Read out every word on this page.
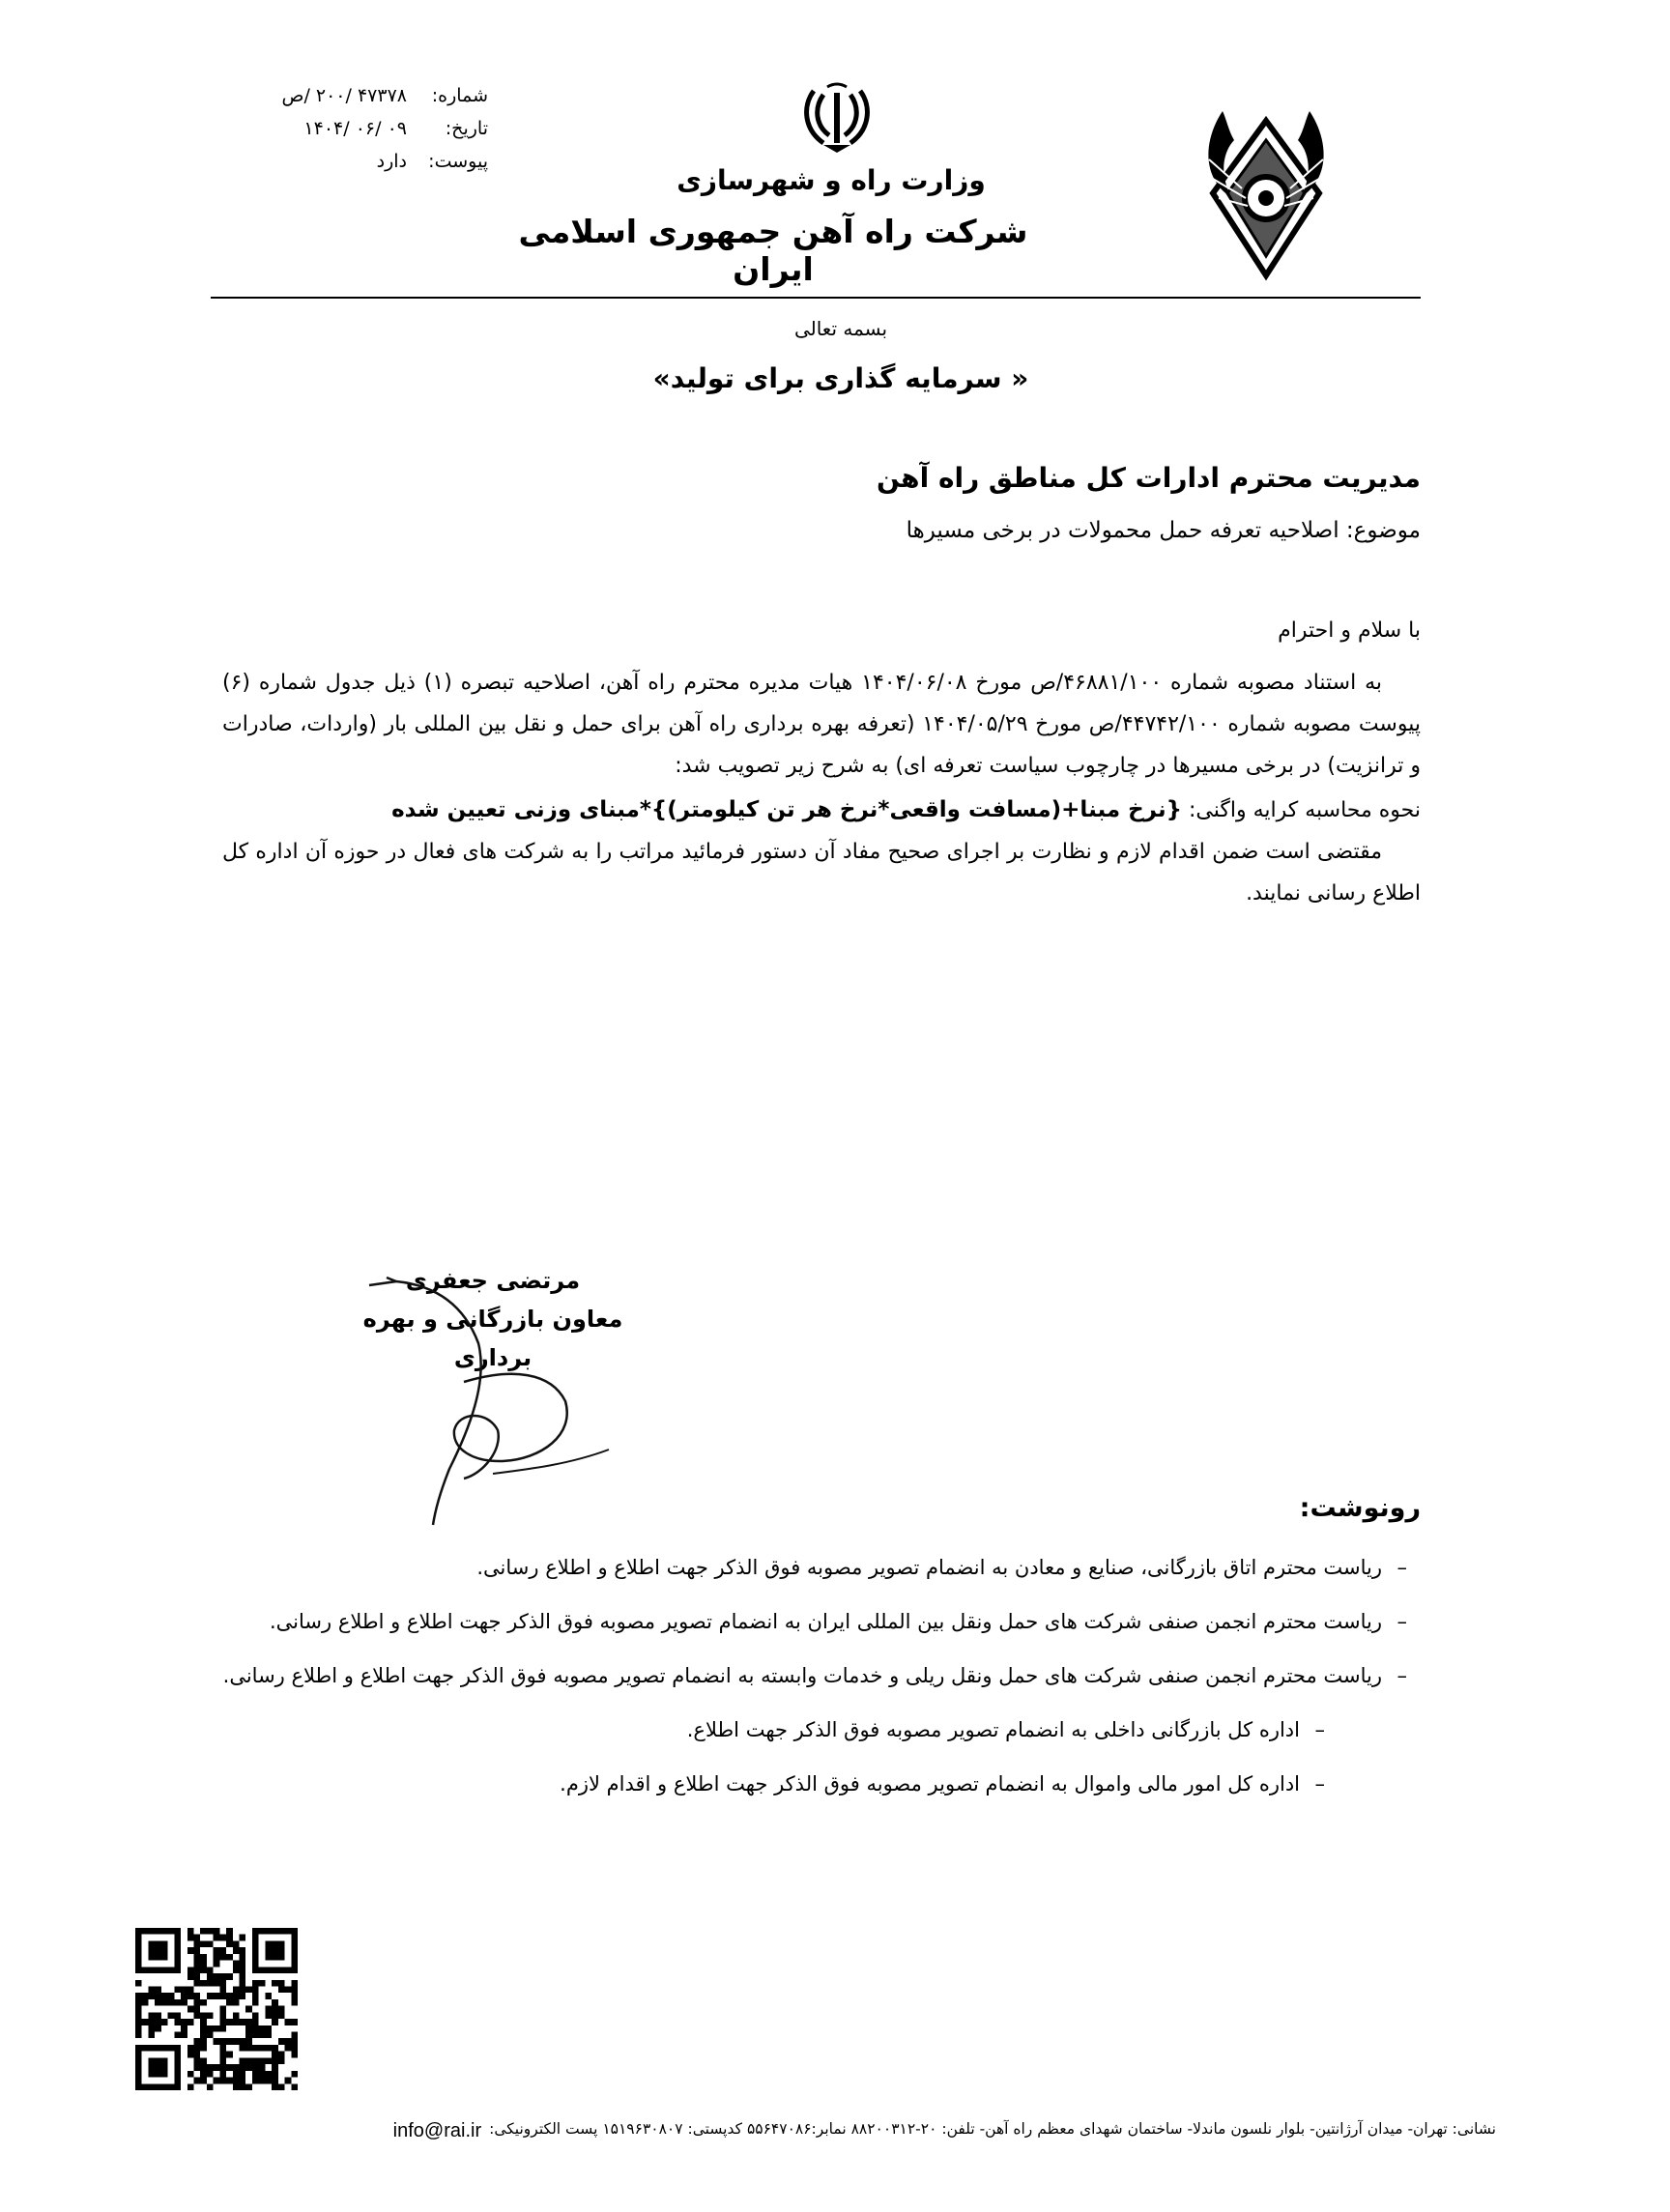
شماره:
۴۷۳۷۸ /۲۰۰ /ص
تاریخ:
۰۹ /۰۶ /۱۴۰۴
پیوست:
دارد
وزارت راه و شهرسازی
شرکت راه آهن جمهوری اسلامی ایران
بسمه تعالی
« سرمایه گذاری برای تولید»
مدیریت محترم ادارات کل مناطق راه آهن
موضوع: اصلاحیه تعرفه حمل محمولات در برخی مسیرها
با سلام و احترام

به استناد مصوبه شماره ۴۶۸۸۱/۱۰۰/ص مورخ ۱۴۰۴/۰۶/۰۸ هیات مدیره محترم راه آهن، اصلاحیه تبصره (۱) ذیل جدول شماره (۶) پیوست مصوبه شماره ۴۴۷۴۲/۱۰۰/ص مورخ ۱۴۰۴/۰۵/۲۹ (تعرفه بهره برداری راه آهن برای حمل و نقل بین المللی بار (واردات، صادرات و ترانزیت) در برخی مسیرها در چارچوب سیاست تعرفه ای) به شرح زیر تصویب شد:

نحوه محاسبه کرایه واگنی: {نرخ مبنا+(مسافت واقعی*نرخ هر تن کیلومتر)}*مبنای وزنی تعیین شده

مقتضی است ضمن اقدام لازم و نظارت بر اجرای صحیح مفاد آن دستور فرمائید مراتب را به شرکت های فعال در حوزه آن اداره کل اطلاع رسانی نمایند.

مرتضی جعفری
معاون بازرگانی و بهره برداری
رونوشت:

– ریاست محترم اتاق بازرگانی، صنایع و معادن به انضمام تصویر مصوبه فوق الذکر جهت اطلاع و اطلاع رسانی.

– ریاست محترم انجمن صنفی شرکت های حمل ونقل بین المللی ایران به انضمام تصویر مصوبه فوق الذکر جهت اطلاع و اطلاع رسانی.

– ریاست محترم انجمن صنفی شرکت های حمل ونقل ریلی و خدمات وابسته به انضمام تصویر مصوبه فوق الذکر جهت اطلاع و اطلاع رسانی.

– اداره کل بازرگانی داخلی به انضمام تصویر مصوبه فوق الذکر جهت اطلاع.

– اداره کل امور مالی واموال به انضمام تصویر مصوبه فوق الذکر جهت اطلاع و اقدام لازم.

نشانی: تهران- میدان آرژانتین- بلوار نلسون ماندلا- ساختمان شهدای معظم راه آهن- تلفن: ۲۰-۸۸۲۰۰۳۱۲ نمابر:۵۵۶۴۷۰۸۶ کدپستی: ۱۵۱۹۶۳۰۸۰۷ پست الکترونیکی:
info@rai.ir
